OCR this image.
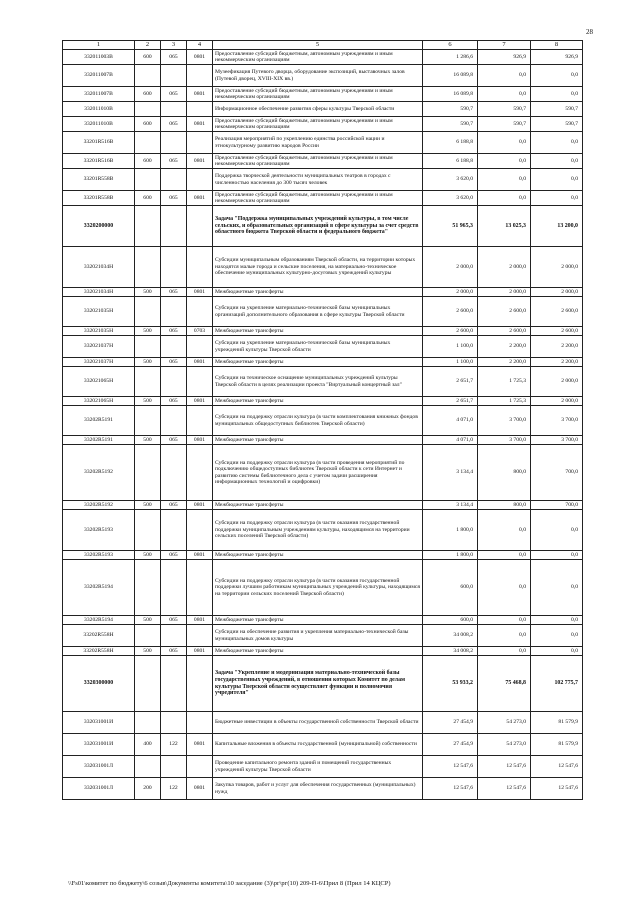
28
1	2	3	4	5	6	7	8
332011003В	600	065	0801	Предоставление субсидий бюджетным, автономным учреждениям и иным некоммерческим организациям	1 286,6	926,9	926,9
332011007В				Музеефикация Путевого дворца, оборудование экспозиций, выставочных залов (Путевой дворец, XVIII-XIX вв.)	16 089,8	0,0	0,0
332011007В	600	065	0801	Предоставление субсидий бюджетным, автономным учреждениям и иным некоммерческим организациям	16 089,8	0,0	0,0
332011010В				Информационное обеспечение развития сферы культуры Тверской области	590,7	590,7	590,7
332011010В	600	065	0801	Предоставление субсидий бюджетным, автономным учреждениям и иным некоммерческим организациям	590,7	590,7	590,7
33201R516В				Реализация мероприятий по укреплению единства российской нации и этнокультурному развитию народов России	6 188,8	0,0	0,0
33201R516В	600	065	0801	Предоставление субсидий бюджетным, автономным учреждениям и иным некоммерческим организациям	6 188,8	0,0	0,0
33201R558В				Поддержка творческой деятельности муниципальных театров в городах с численностью населения до 300 тысяч человек	3 620,0	0,0	0,0
33201R558В	600	065	0801	Предоставление субсидий бюджетным, автономным учреждениям и иным некоммерческим организациям	3 620,0	0,0	0,0
3320200000				Задача "Поддержка муниципальных учреждений культуры, в том числе сельских, и образовательных организаций в сфере культуры за счет средств областного бюджета Тверской области и федерального бюджета"	51 965,3	13 025,3	13 200,0
332021034Н				Субсидии муниципальным образованиям Тверской области, на территории которых находятся малые города и сельские поселения, на материально-техническое обеспечение муниципальных культурно-досуговых учреждений культуры	2 000,0	2 000,0	2 000,0
332021034Н	500	065	0801	Межбюджетные трансферты	2 000,0	2 000,0	2 000,0
332021035Н				Субсидии на укрепление материально-технической базы муниципальных организаций дополнительного образования в сфере культуры Тверской области	2 600,0	2 600,0	2 600,0
332021035Н	500	065	0703	Межбюджетные трансферты	2 600,0	2 600,0	2 600,0
332021037Н				Субсидии на укрепление материально-технической базы муниципальных учреждений культуры Тверской области	1 100,0	2 200,0	2 200,0
332021037Н	500	065	0801	Межбюджетные трансферты	1 100,0	2 200,0	2 200,0
332021065Н				Субсидии на техническое оснащение муниципальных учреждений культуры Тверской области в целях реализации проекта "Виртуальный концертный зал"	2 651,7	1 725,3	2 000,0
332021065Н	500	065	0801	Межбюджетные трансферты	2 651,7	1 725,3	2 000,0
33202R5191				Субсидии на поддержку отрасли культура (в части комплектования книжных фондов муниципальных общедоступных библиотек Тверской области)	4 071,0	3 700,0	3 700,0
33202R5191	500	065	0801	Межбюджетные трансферты	4 071,0	3 700,0	3 700,0
33202R5192				Субсидии на поддержку отрасли культура (в части проведения мероприятий по подключению общедоступных библиотек Тверской области к сети Интернет и развитию системы библиотечного дела с учетом задачи расширения информационных технологий и оцифровки)	3 134,4	800,0	700,0
33202R5192	500	065	0801	Межбюджетные трансферты	3 134,4	800,0	700,0
33202R5193				Субсидии на поддержку отрасли культура (в части оказания государственной поддержки муниципальным учреждениям культуры, находящимся на территории сельских поселений Тверской области)	1 800,0	0,0	0,0
33202R5193	500	065	0801	Межбюджетные трансферты	1 800,0	0,0	0,0
33202R5194				Субсидии на поддержку отрасли культура (в части оказания государственной поддержки лучшим работникам муниципальных учреждений культуры, находящимся на территории сельских поселений Тверской области)	600,0	0,0	0,0
33202R5194	500	065	0801	Межбюджетные трансферты	600,0	0,0	0,0
33202R558Н				Субсидии на обеспечение развития и укрепления материально-технической базы муниципальных домов культуры	34 008,2	0,0	0,0
33202R558Н	500	065	0801	Межбюджетные трансферты	34 008,2	0,0	0,0
3320300000				Задача "Укрепление и модернизация материально-технической базы государственных учреждений, в отношении которых Комитет по делам культуры Тверской области осуществляет функции и полномочия учредителя"	53 933,2	75 468,8	102 775,7
332031001И				Бюджетные инвестиции в объекты государственной собственности Тверской области	27 454,9	54 273,0	81 579,9
332031001И	400	122	0801	Капитальные вложения в объекты государственной (муниципальной) собственности	27 454,9	54 273,0	81 579,9
332031001Л				Проведение капитального ремонта зданий и помещений государственных учреждений культуры Тверской области	12 547,6	12 547,6	12 547,6
332031001Л	200	122	0801	Закупка товаров, работ и услуг для обеспечения государственных (муниципальных) нужд	12 547,6	12 547,6	12 547,6
\\Fs01\комитет по бюджету\6 созыв\Документы комитета\10 заседание (3)\рг\рг(10) 209-П-6\Прил 8 (Прил 14 КЦСР)
